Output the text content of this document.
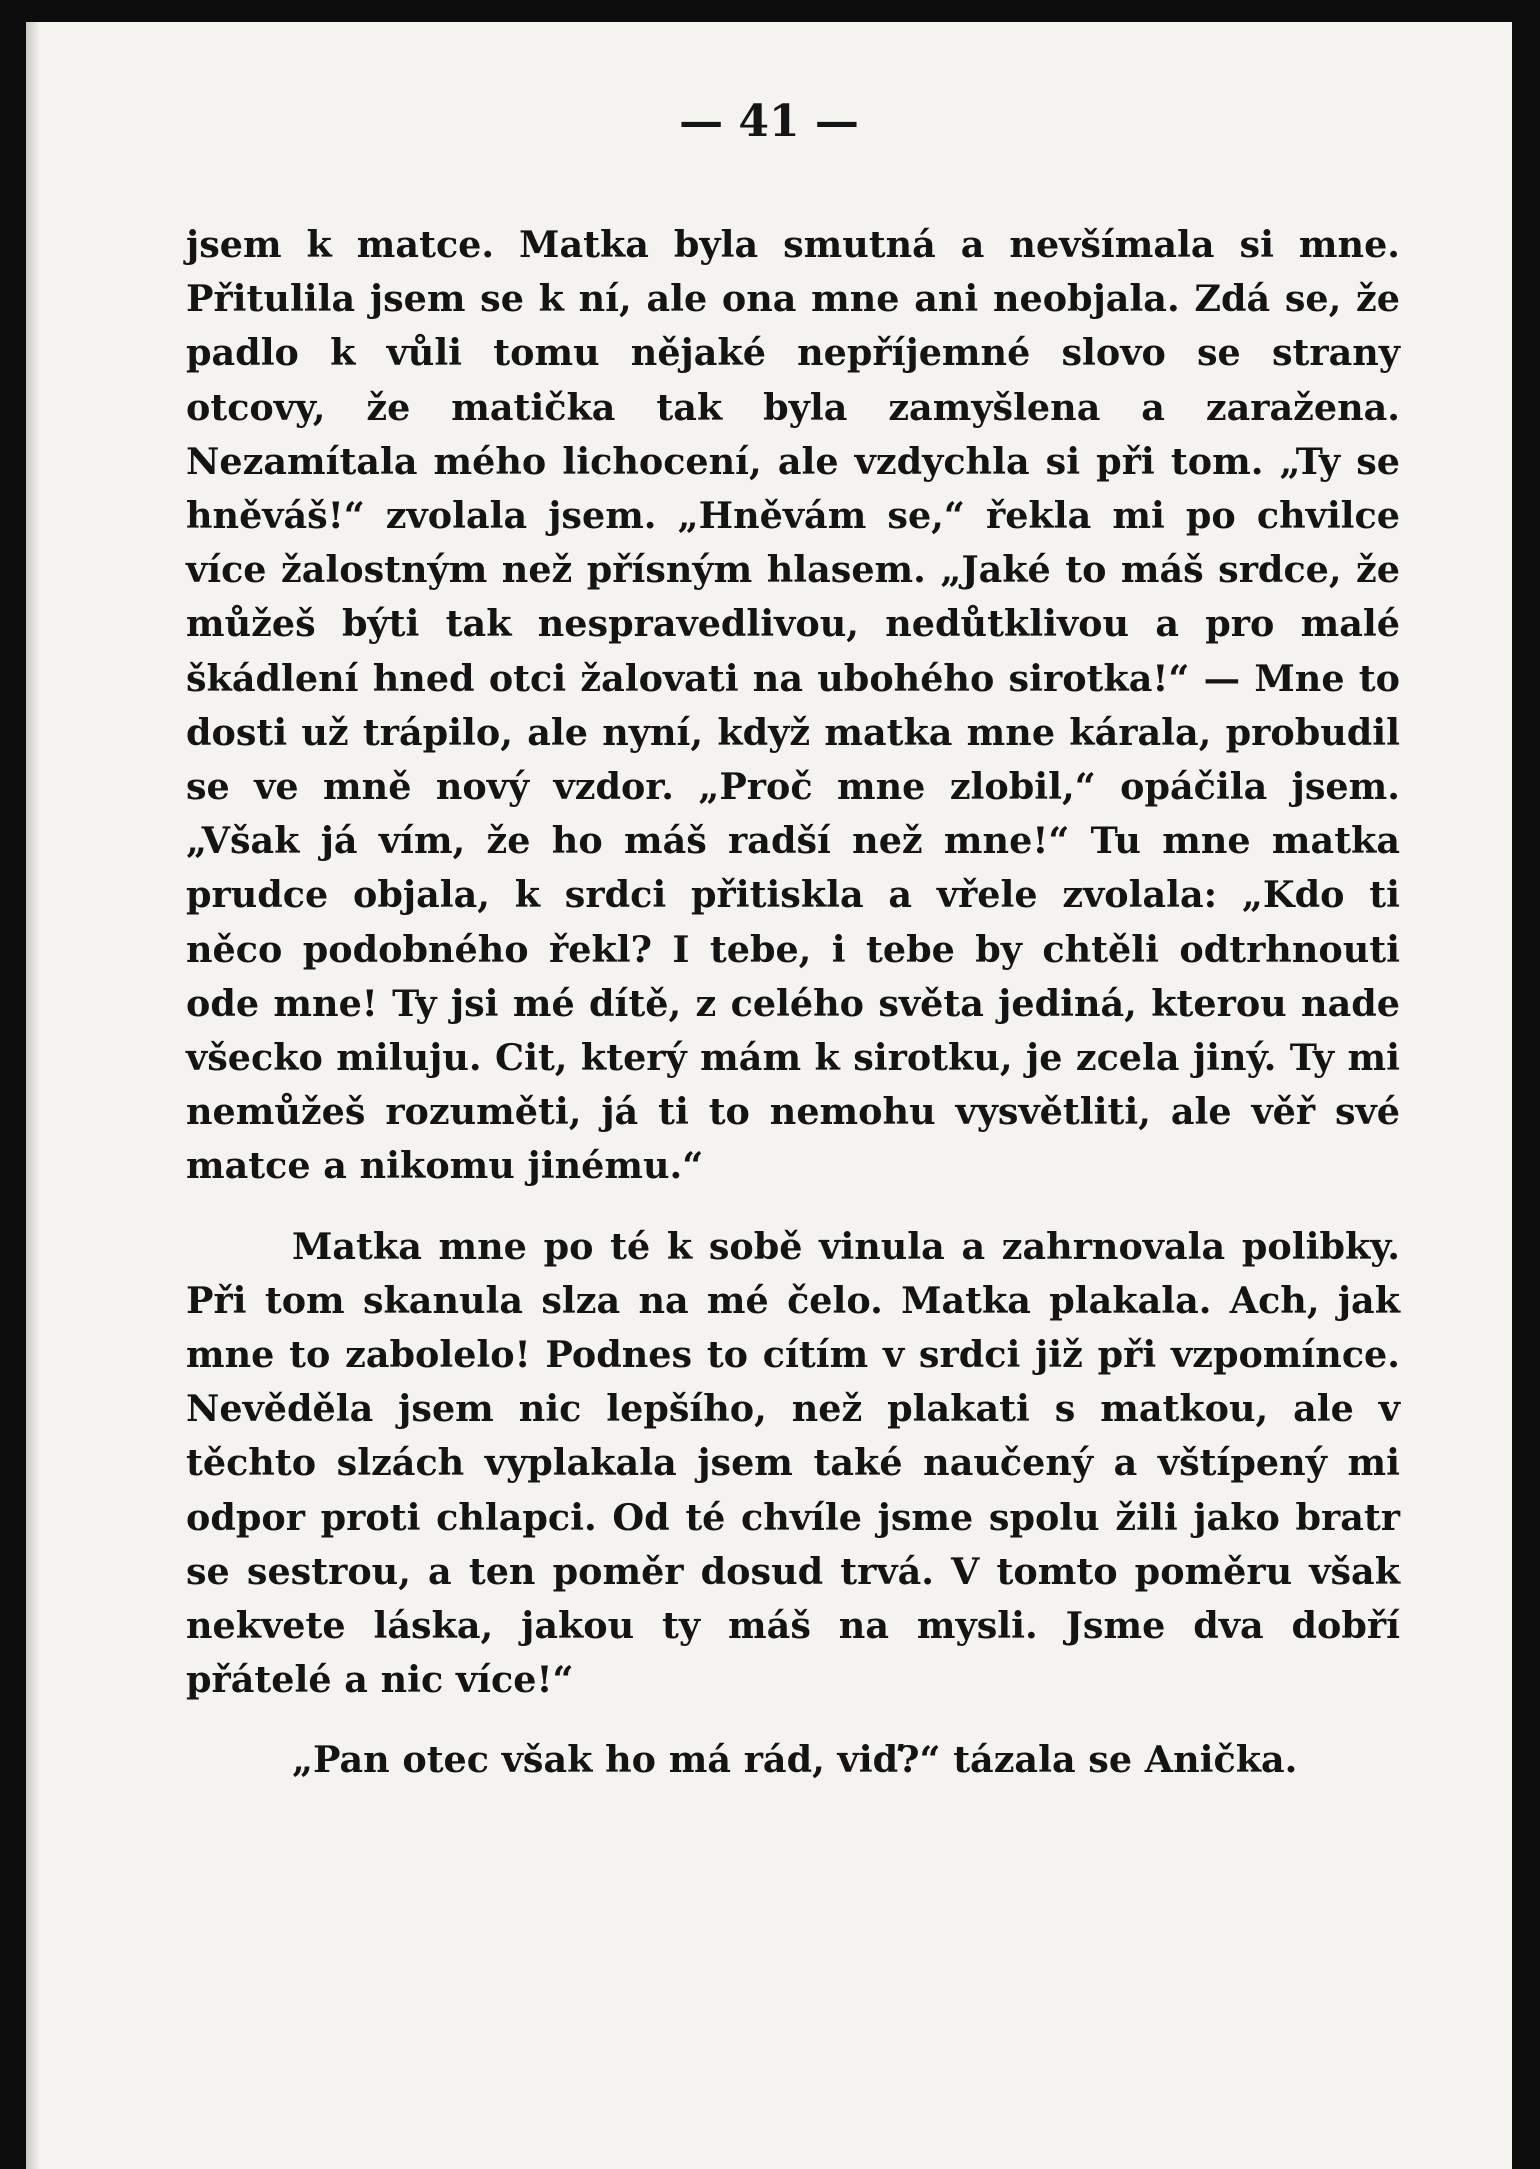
— 41 —

jsem k matce. Matka byla smutná a nevšímala si mne. Přitulila jsem se k ní, ale ona mne ani neobjala. Zdá se, že padlo k vůli tomu nějaké nepříjemné slovo se strany otcovy, že matička tak byla zamyšlena a zaražena. Nezamítala mého lichocení, ale vzdychla si při tom. „Ty se hněváš!“ zvolala jsem. „Hněvám se,“ řekla mi po chvilce více žalostným než přísným hlasem. „Jaké to máš srdce, že můžeš býti tak nespravedlivou, nedůtklivou a pro malé škádlení hned otci žalovati na ubohého sirotka!“ — Mne to dosti už trápilo, ale nyní, když matka mne kárala, probudil se ve mně nový vzdor. „Proč mne zlobil,“ opáčila jsem. „Však já vím, že ho máš radší než mne!“ Tu mne matka prudce objala, k srdci přitiskla a vřele zvolala: „Kdo ti něco podobného řekl? I tebe, i tebe by chtěli odtrhnouti ode mne! Ty jsi mé dítě, z celého světa jediná, kterou nade všecko miluju. Cit, který mám k sirotku, je zcela jiný. Ty mi nemůžeš rozuměti, já ti to nemohu vysvětliti, ale věř své matce a nikomu jinému.“

Matka mne po té k sobě vinula a zahrnovala polibky. Při tom skanula slza na mé čelo. Matka plakala. Ach, jak mne to zabolelo! Podnes to cítím v srdci již při vzpomínce. Nevěděla jsem nic lepšího, než plakati s matkou, ale v těchto slzách vyplakala jsem také naučený a vštípený mi odpor proti chlapci. Od té chvíle jsme spolu žili jako bratr se sestrou, a ten poměr dosud trvá. V tomto poměru však nekvete láska, jakou ty máš na mysli. Jsme dva dobří přátelé a nic více!“

„Pan otec však ho má rád, viď?“ tázala se Anička.
